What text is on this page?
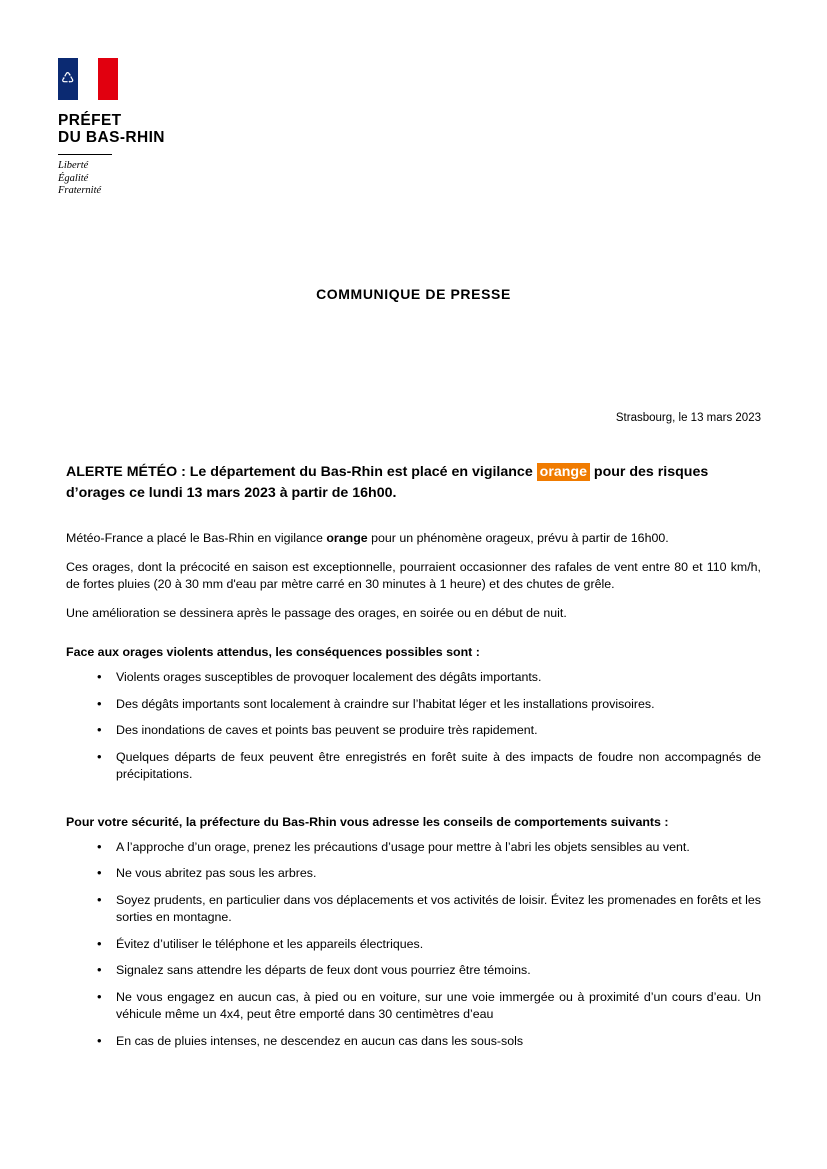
♺
PRÉFET
DU BAS-RHIN
Liberté
Égalité
Fraternité
COMMUNIQUE DE PRESSE
Strasbourg, le 13 mars 2023
ALERTE MÉTÉO : Le département du Bas-Rhin est placé en vigilance orange pour des risques d’orages ce lundi 13 mars 2023 à partir de 16h00.

Météo-France a placé le Bas-Rhin en vigilance orange pour un phénomène orageux, prévu à partir de 16h00.

Ces orages, dont la précocité en saison est exceptionnelle, pourraient occasionner des rafales de vent entre 80 et 110 km/h, de fortes pluies (20 à 30 mm d'eau par mètre carré en 30 minutes à 1 heure) et des chutes de grêle.

Une amélioration se dessinera après le passage des orages, en soirée ou en début de nuit.

Face aux orages violents attendus, les conséquences possibles sont :
• Violents orages susceptibles de provoquer localement des dégâts importants.
• Des dégâts importants sont localement à craindre sur l’habitat léger et les installations provisoires.
• Des inondations de caves et points bas peuvent se produire très rapidement.
• Quelques départs de feux peuvent être enregistrés en forêt suite à des impacts de foudre non accompagnés de précipitations.
Pour votre sécurité, la préfecture du Bas-Rhin vous adresse les conseils de comportements suivants :
• A l’approche d’un orage, prenez les précautions d’usage pour mettre à l’abri les objets sensibles au vent.
• Ne vous abritez pas sous les arbres.
• Soyez prudents, en particulier dans vos déplacements et vos activités de loisir. Évitez les promenades en forêts et les sorties en montagne.
• Évitez d’utiliser le téléphone et les appareils électriques.
• Signalez sans attendre les départs de feux dont vous pourriez être témoins.
• Ne vous engagez en aucun cas, à pied ou en voiture, sur une voie immergée ou à proximité d’un cours d’eau. Un véhicule même un 4x4, peut être emporté dans 30 centimètres d’eau
• En cas de pluies intenses, ne descendez en aucun cas dans les sous-sols
